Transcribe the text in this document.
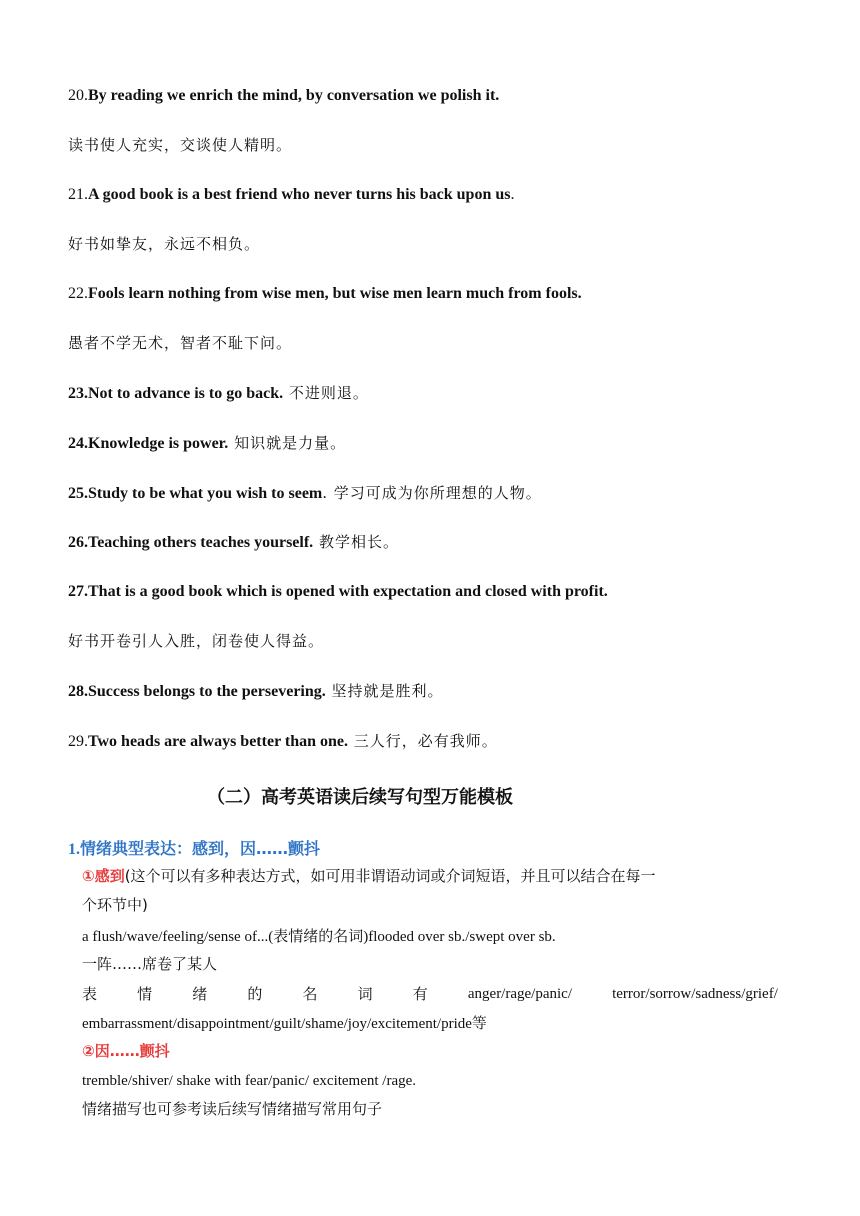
20.By reading we enrich the mind, by conversation we polish it.
读书使人充实，交谈使人精明。
21.A good book is a best friend who never turns his back upon us.
好书如挚友，永远不相负。
22.Fools learn nothing from wise men, but wise men learn much from fools.
愚者不学无术，智者不耻下问。
23.Not to advance is to go back. 不进则退。
24.Knowledge is power. 知识就是力量。
25.Study to be what you wish to seem. 学习可成为你所理想的人物。
26.Teaching others teaches yourself. 教学相长。
27.That is a good book which is opened with expectation and closed with profit.
好书开卷引人入胜，闭卷使人得益。
28.Success belongs to the persevering. 坚持就是胜利。
29.Two heads are always better than one. 三人行，必有我师。
（二）高考英语读后续写句型万能模板
1.情绪典型表达：感到，因……颤抖
①感到(这个可以有多种表达方式，如可用非谓语动词或介词短语，并且可以结合在每一
个环节中)
a flush/wave/feeling/sense of...(表情绪的名词)flooded over sb./swept over sb.
一阵……席卷了某人
表	情	绪	的	名	词	有	anger/rage/panic/	terror/sorrow/sadness/grief/
embarrassment/disappointment/guilt/shame/joy/excitement/pride等
②因……颤抖
tremble/shiver/ shake with fear/panic/ excitement /rage.
情绪描写也可参考读后续写情绪描写常用句子
